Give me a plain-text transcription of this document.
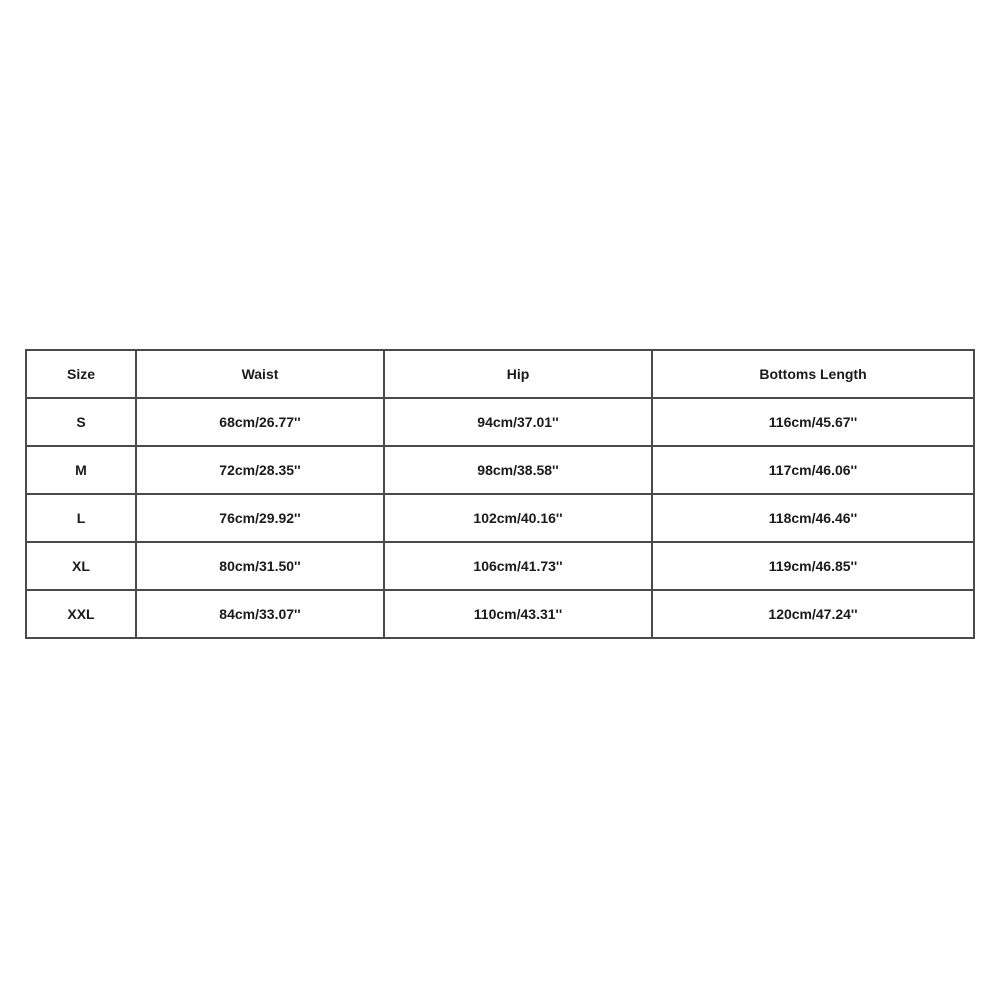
Size	Waist	Hip	Bottoms Length
S	68cm/26.77''	94cm/37.01''	116cm/45.67''
M	72cm/28.35''	98cm/38.58''	117cm/46.06''
L	76cm/29.92''	102cm/40.16''	118cm/46.46''
XL	80cm/31.50''	106cm/41.73''	119cm/46.85''
XXL	84cm/33.07''	110cm/43.31''	120cm/47.24''
